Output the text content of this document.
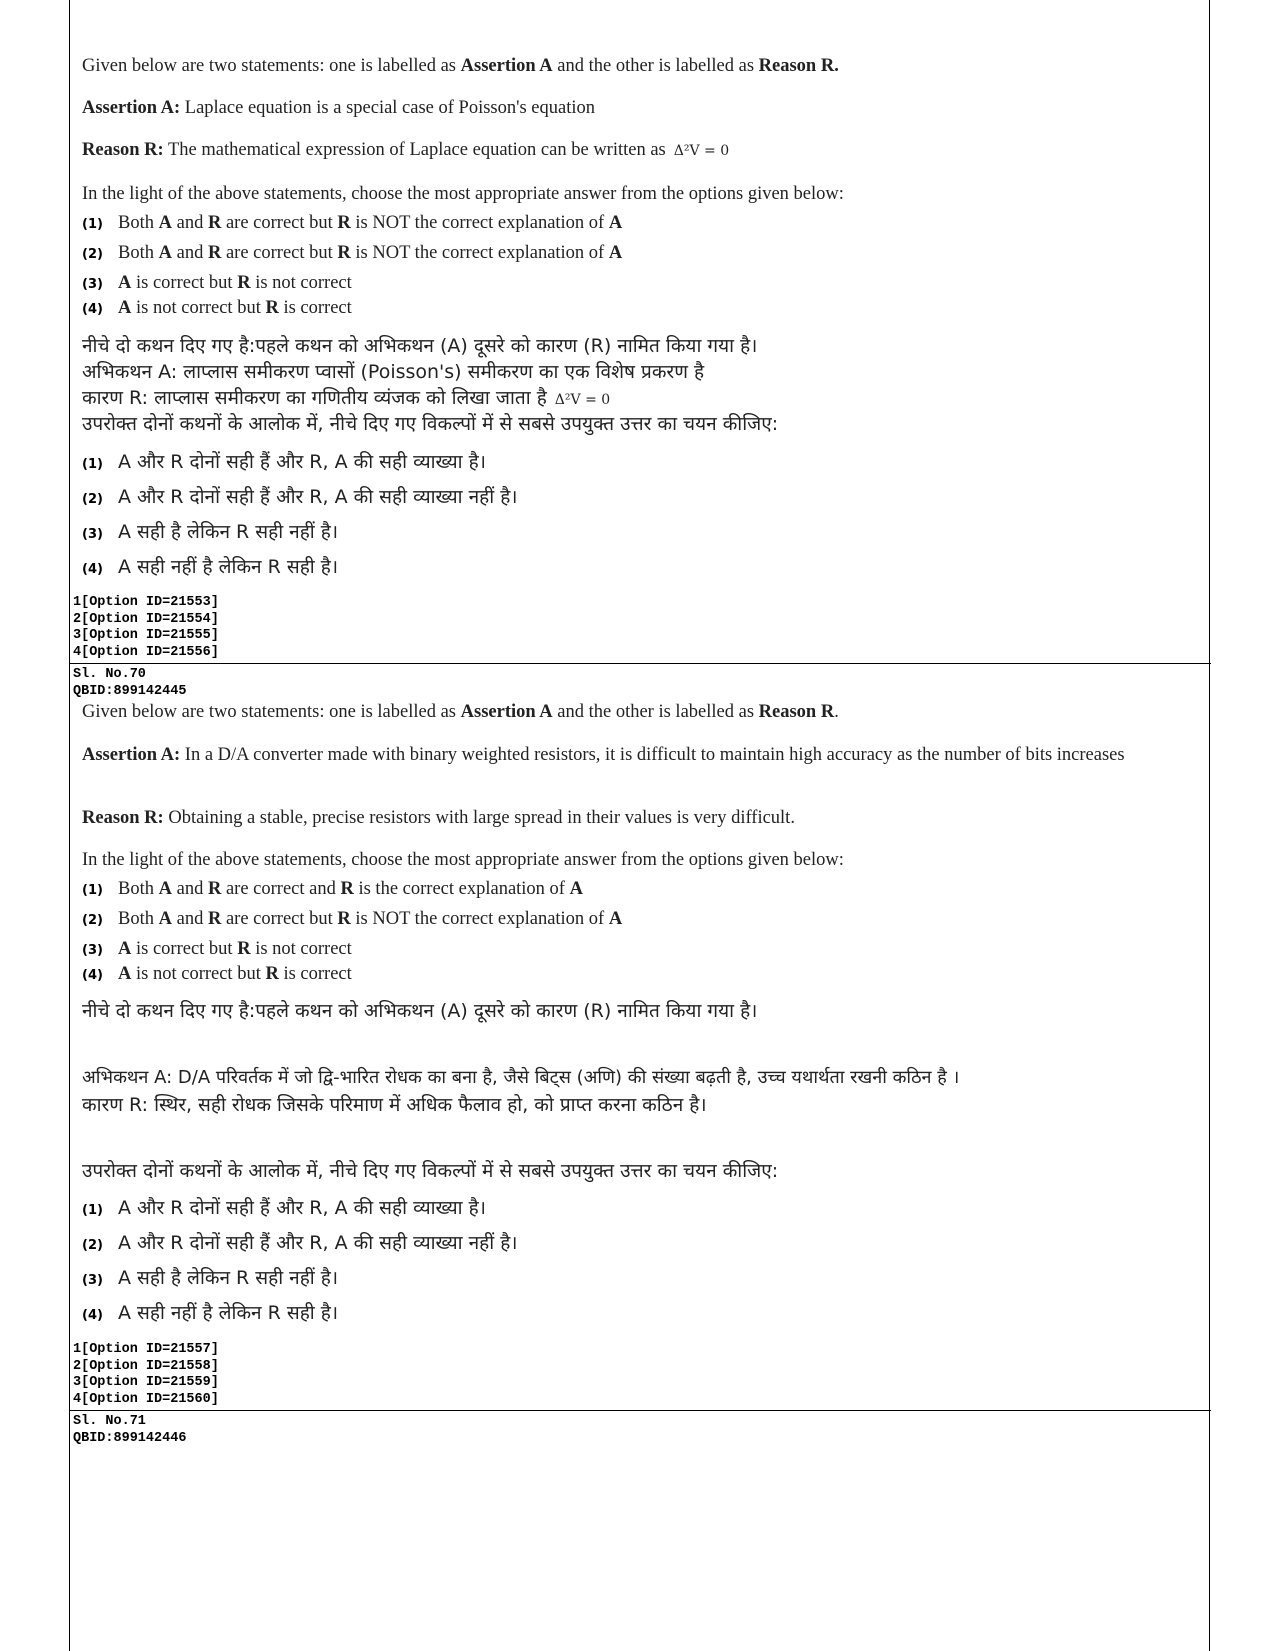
Given below are two statements: one is labelled as Assertion A and the other is labelled as Reason R.
Assertion A: Laplace equation is a special case of Poisson's equation
Reason R: The mathematical expression of Laplace equation can be written as Δ²V = 0
In the light of the above statements, choose the most appropriate answer from the options given below:
(1) Both A and R are correct but R is NOT the correct explanation of A
(2) Both A and R are correct but R is NOT the correct explanation of A
(3) A is correct but R is not correct
(4) A is not correct but R is correct
नीचे दो कथन दिए गए है:पहले कथन को अभिकथन (A) दूसरे को कारण (R) नामित किया गया है।
अभिकथन A: लाप्लास समीकरण प्वासों (Poisson's) समीकरण का एक विशेष प्रकरण है
कारण R: लाप्लास समीकरण का गणितीय व्यंजक को लिखा जाता है Δ²V = 0
उपरोक्त दोनों कथनों के आलोक में, नीचे दिए गए विकल्पों में से सबसे उपयुक्त उत्तर का चयन कीजिए:
(1) A और R दोनों सही हैं और R, A की सही व्याख्या है।
(2) A और R दोनों सही हैं और R, A की सही व्याख्या नहीं है।
(3) A सही है लेकिन R सही नहीं है।
(4) A सही नहीं है लेकिन R सही है।
1[Option ID=21553]
2[Option ID=21554]
3[Option ID=21555]
4[Option ID=21556]
Sl. No.70
QBID:899142445
Given below are two statements: one is labelled as Assertion A and the other is labelled as Reason R.
Assertion A: In a D/A converter made with binary weighted resistors, it is difficult to maintain high accuracy as the number of bits increases
Reason R: Obtaining a stable, precise resistors with large spread in their values is very difficult.
In the light of the above statements, choose the most appropriate answer from the options given below:
(1) Both A and R are correct and R is the correct explanation of A
(2) Both A and R are correct but R is NOT the correct explanation of A
(3) A is correct but R is not correct
(4) A is not correct but R is correct
नीचे दो कथन दिए गए है:पहले कथन को अभिकथन (A) दूसरे को कारण (R) नामित किया गया है।
अभिकथन A: D/A परिवर्तक में जो द्वि-भारित रोधक का बना है, जैसे बिट्स (अणि) की संख्या बढ़ती है, उच्च यथार्थता रखनी कठिन है ।
कारण R: स्थिर, सही रोधक जिसके परिमाण में अधिक फैलाव हो, को प्राप्त करना कठिन है।
उपरोक्त दोनों कथनों के आलोक में, नीचे दिए गए विकल्पों में से सबसे उपयुक्त उत्तर का चयन कीजिए:
(1) A और R दोनों सही हैं और R, A की सही व्याख्या है।
(2) A और R दोनों सही हैं और R, A की सही व्याख्या नहीं है।
(3) A सही है लेकिन R सही नहीं है।
(4) A सही नहीं है लेकिन R सही है।
1[Option ID=21557]
2[Option ID=21558]
3[Option ID=21559]
4[Option ID=21560]
Sl. No.71
QBID:899142446
